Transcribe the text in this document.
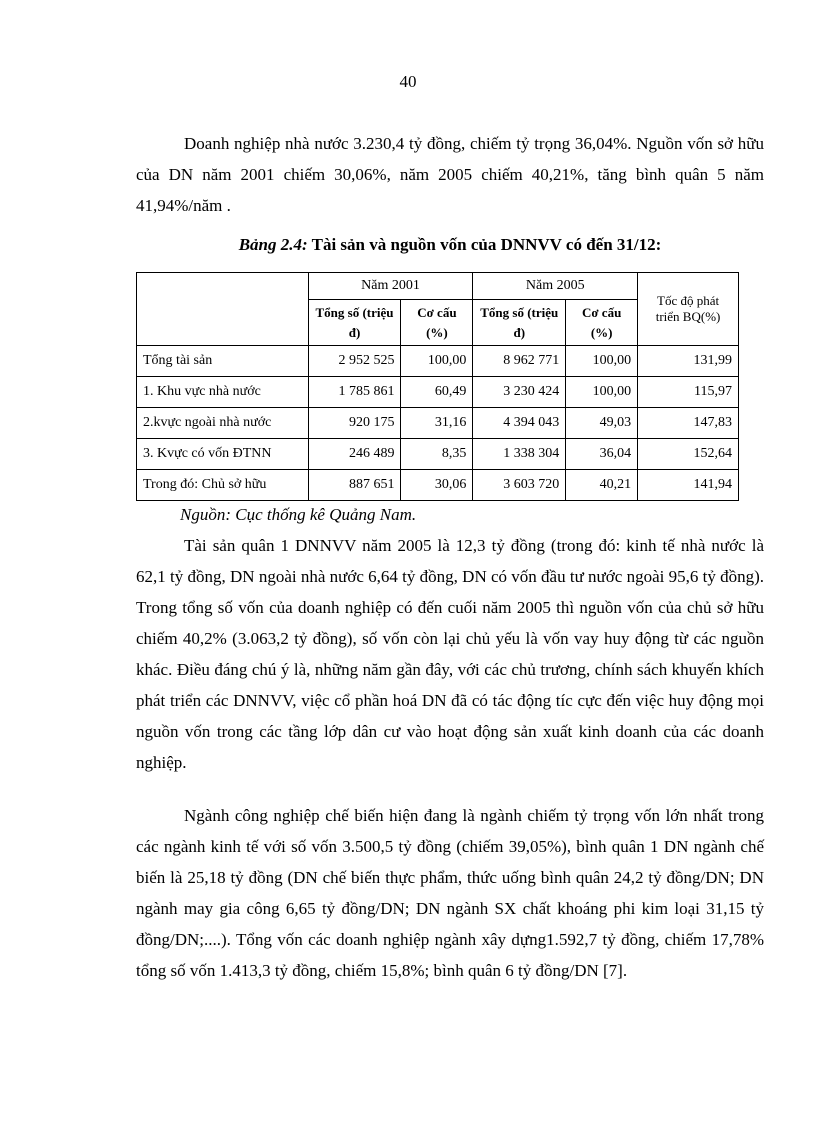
40

Doanh nghiệp nhà nước 3.230,4 tỷ đồng, chiếm tỷ trọng 36,04%. Nguồn vốn sở hữu của DN năm 2001 chiếm 30,06%, năm 2005 chiếm 40,21%, tăng bình quân 5 năm 41,94%/năm .

Bảng 2.4: Tài sản và nguồn vốn của DNNVV có đến 31/12:
	Năm 2001		Năm 2005		Tốc độ phát triển BQ(%)
	Tổng số (triệu đ)	Cơ cấu (%)	Tổng số (triệu đ)	Cơ cấu (%)	
Tổng tài sản	2 952 525	100,00	8 962 771	100,00	131,99
1. Khu vực nhà nước	1 785 861	60,49	3 230 424	100,00	115,97
2.kvực ngoài nhà nước	920 175	31,16	4 394 043	49,03	147,83
3. Kvực có vốn ĐTNN	246 489	8,35	1 338 304	36,04	152,64
Trong đó: Chủ sở hữu	887 651	30,06	3 603 720	40,21	141,94
Nguồn: Cục thống kê Quảng Nam.

Tài sản quân 1 DNNVV năm 2005 là 12,3 tỷ đồng (trong đó: kinh tế nhà nước là 62,1 tỷ đồng, DN ngoài nhà nước 6,64 tỷ đồng, DN có vốn đầu tư nước ngoài 95,6 tỷ đồng). Trong tổng số vốn của doanh nghiệp có đến cuối năm 2005 thì nguồn vốn của chủ sở hữu chiếm 40,2% (3.063,2 tỷ đồng), số vốn còn lại chủ yếu là vốn vay huy động từ các nguồn khác. Điều đáng chú ý là, những năm gần đây, với các chủ trương, chính sách khuyến khích phát triển các DNNVV, việc cổ phần hoá DN đã có tác động tíc cực đến việc huy động mọi nguồn vốn trong các tầng lớp dân cư vào hoạt động sản xuất kinh doanh của các doanh nghiệp.

Ngành công nghiệp chế biến hiện đang là ngành chiếm tỷ trọng vốn lớn nhất trong các ngành kinh tế với số vốn 3.500,5 tỷ đồng (chiếm 39,05%), bình quân 1 DN ngành chế biến là 25,18 tỷ đồng (DN chế biến thực phẩm, thức uống bình quân 24,2 tỷ đồng/DN; DN ngành may gia công 6,65 tỷ đồng/DN; DN ngành SX chất khoáng phi kim loại 31,15 tỷ đồng/DN;....). Tổng vốn các doanh nghiệp ngành xây dựng1.592,7 tỷ đồng, chiếm 17,78% tổng số vốn 1.413,3 tỷ đồng, chiếm 15,8%; bình quân 6 tỷ đồng/DN [7].
